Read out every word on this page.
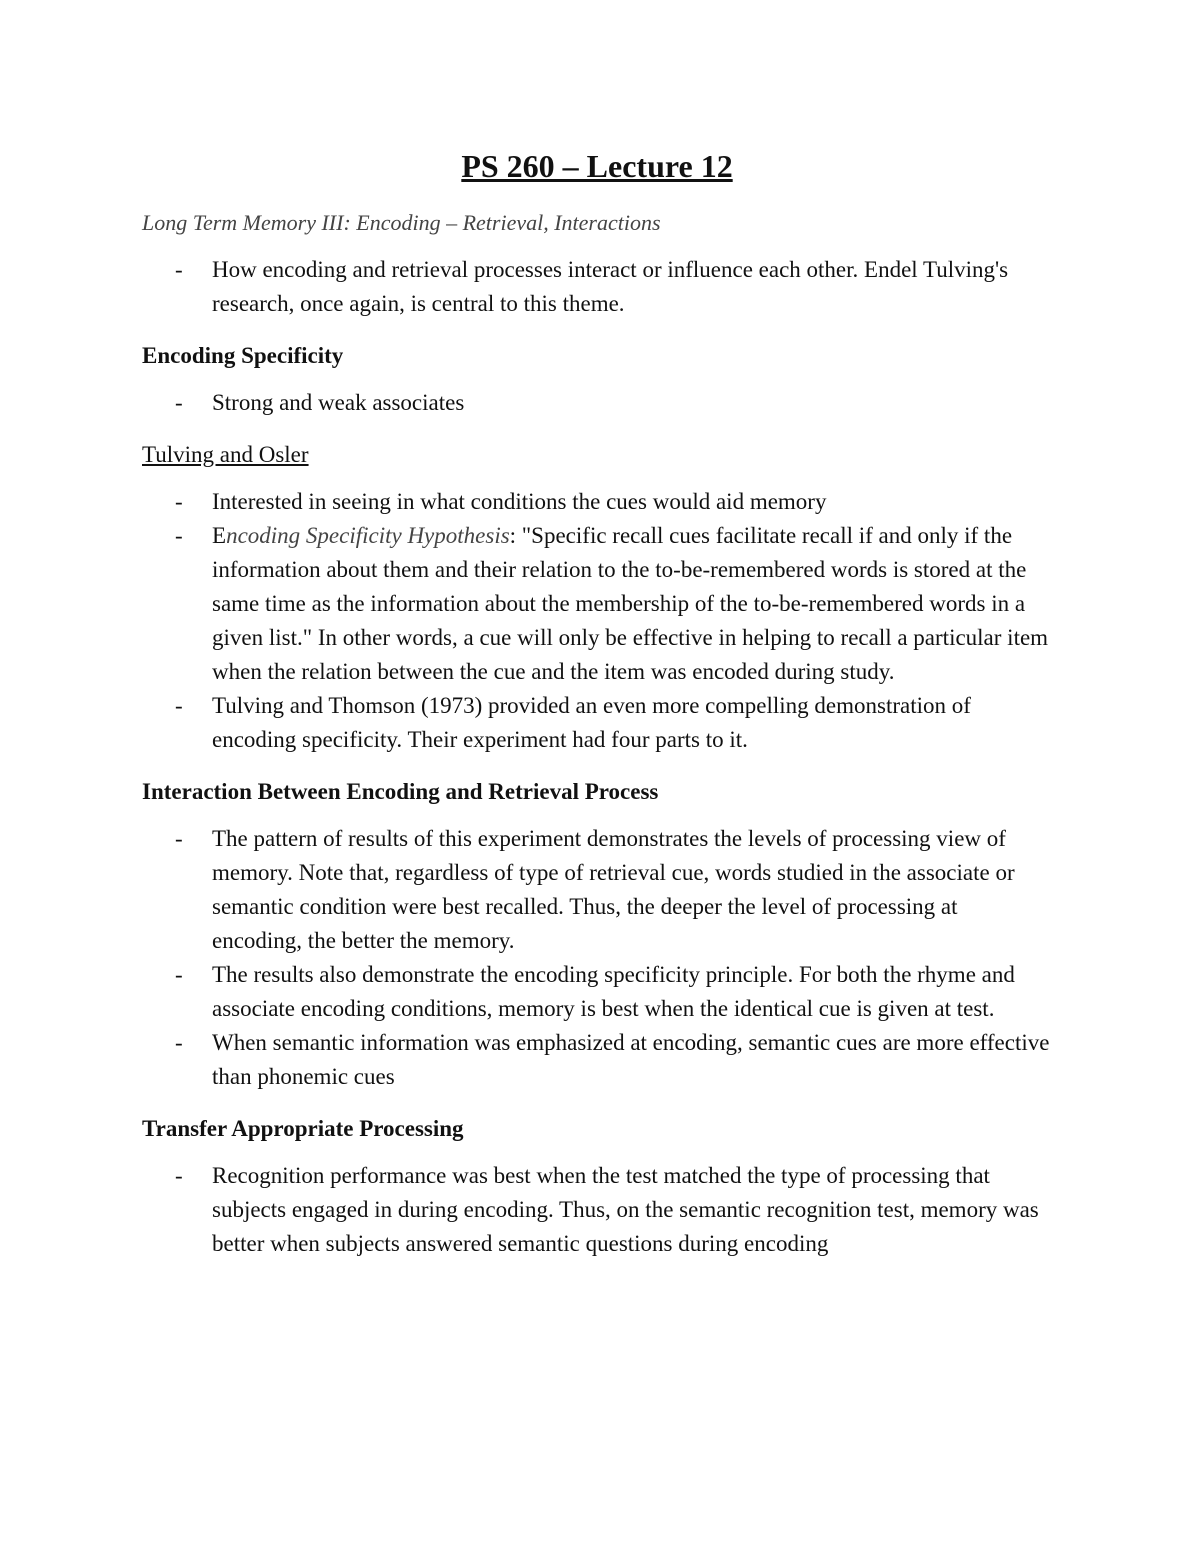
PS 260 – Lecture 12
Long Term Memory III: Encoding – Retrieval, Interactions
- How encoding and retrieval processes interact or influence each other. Endel Tulving's research, once again, is central to this theme.
Encoding Specificity
- Strong and weak associates
Tulving and Osler
- Interested in seeing in what conditions the cues would aid memory
- Encoding Specificity Hypothesis: "Specific recall cues facilitate recall if and only if the information about them and their relation to the to-be-remembered words is stored at the same time as the information about the membership of the to-be-remembered words in a given list." In other words, a cue will only be effective in helping to recall a particular item when the relation between the cue and the item was encoded during study.
- Tulving and Thomson (1973) provided an even more compelling demonstration of encoding specificity. Their experiment had four parts to it.
Interaction Between Encoding and Retrieval Process
- The pattern of results of this experiment demonstrates the levels of processing view of memory. Note that, regardless of type of retrieval cue, words studied in the associate or semantic condition were best recalled. Thus, the deeper the level of processing at encoding, the better the memory.
- The results also demonstrate the encoding specificity principle. For both the rhyme and associate encoding conditions, memory is best when the identical cue is given at test.
- When semantic information was emphasized at encoding, semantic cues are more effective than phonemic cues
Transfer Appropriate Processing
- Recognition performance was best when the test matched the type of processing that subjects engaged in during encoding. Thus, on the semantic recognition test, memory was better when subjects answered semantic questions during encoding
